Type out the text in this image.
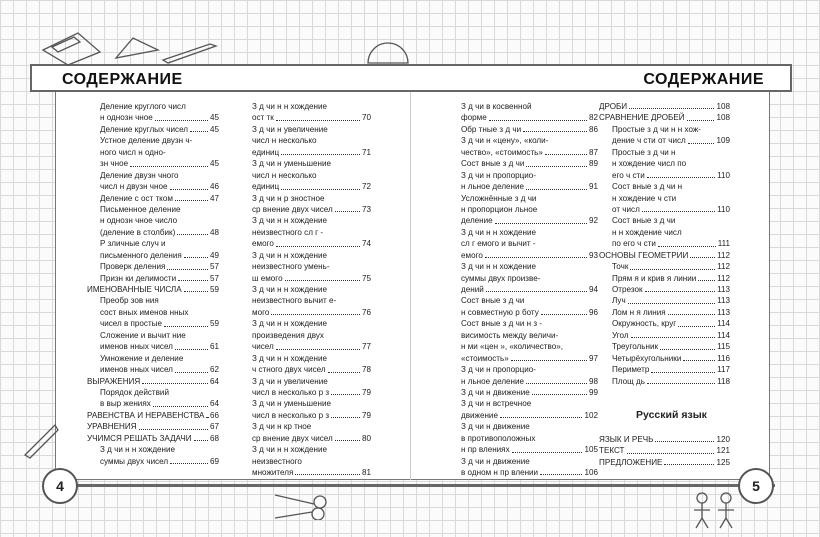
СОДЕРЖАНИЕ	СОДЕРЖАНИЕ
4	5
Деление круглого числ
н однозн чное	45
Деление круглых чисел	45
Устное деление двузн ч-
ного числ н одно-
зн чное	45
Деление двузн чного
числ н двузн чное	46
Деление с ост тком	47
Письменное деление
н однозн чное число
(деление в столбик)	48
Р зличные случ и
письменного деления	49
Проверк деления	57
Призн ки делимости	57
ИМЕНОВАННЫЕ ЧИСЛА	59
Преобр зов ния
сост вных именов нных
чисел в простые	59
Сложение и вычит ние
именов нных чисел	61
Умножение и деление
именов нных чисел	62
ВЫРАЖЕНИЯ	64
Порядок действий
в выр жениях	64
РАВЕНСТВА И НЕРАВЕНСТВА 66
УРАВНЕНИЯ	67
УЧИМСЯ РЕШАТЬ ЗАДАЧИ 68
З д чи н н хождение
суммы двух чисел	69
З д чи н н хождение
ост тк	70
З д чи н увеличение
числ н несколько
единиц	71
З д чи н уменьшение
числ н несколько
единиц	72
З д чи н р зностное
ср внение двух чисел	73
З д чи н н хождение
неизвестного сл г -
емого	74
З д чи н н хождение
неизвестного умень-
ш емого	75
З д чи н н хождение
неизвестного вычит е-
мого	76
З д чи н н хождение
произведения двух
чисел	77
З д чи н н хождение
ч стного двух чисел	78
З д чи н увеличение
числ в несколько р з	79
З д чи н уменьшение
числ в несколько р з	79
З д чи н кр тное
ср внение двух чисел	80
З д чи н н хождение
неизвестного
множителя	81
З д чи в косвенной
форме	82
Обр тные з д чи	86
З д чи н «цену», «коли-
чество», «стоимость»	87
Сост вные з д чи	89
З д чи н пропорцио-
н льное деление	91
Усложнённые з д чи
н пропорцион льное
деление	92
З д чи н н хождение
сл г емого и вычит -
емого	93
З д чи н н хождение
суммы двух произве-
дений	94
Сост вные з д чи
н совместную р боту	96
Сост вные з д чи н з -
висимость между величи-
н ми «цен », «количество»,
«стоимость»	97
З д чи н пропорцио-
н льное деление	98
З д чи н движение	99
З д чи н встречное
движение	102
З д чи н движение
в противоположных
н пр влениях	105
З д чи н движение
в одном н пр влении	106
ДРОБИ	108
СРАВНЕНИЕ ДРОБЕЙ	108
Простые з д чи н н хож-
дение ч сти от числ	109
Простые з д чи н
н хождение числ по
его ч сти	110
Сост вные з д чи н
н хождение ч сти
от числ	110
Сост вные з д чи
н н хождение числ
по его ч сти	111
ОСНОВЫ ГЕОМЕТРИИ	112
Точк	112
Прям я и крив я линии	112
Отрезок	113
Луч	113
Лом н я линия	113
Окружность, круг	114
Угол	114
Треугольник	115
Четырёхугольники	116
Периметр	117
Площ дь	118
Русский язык
ЯЗЫК И РЕЧЬ	120
ТЕКСТ	121
ПРЕДЛОЖЕНИЕ	125
